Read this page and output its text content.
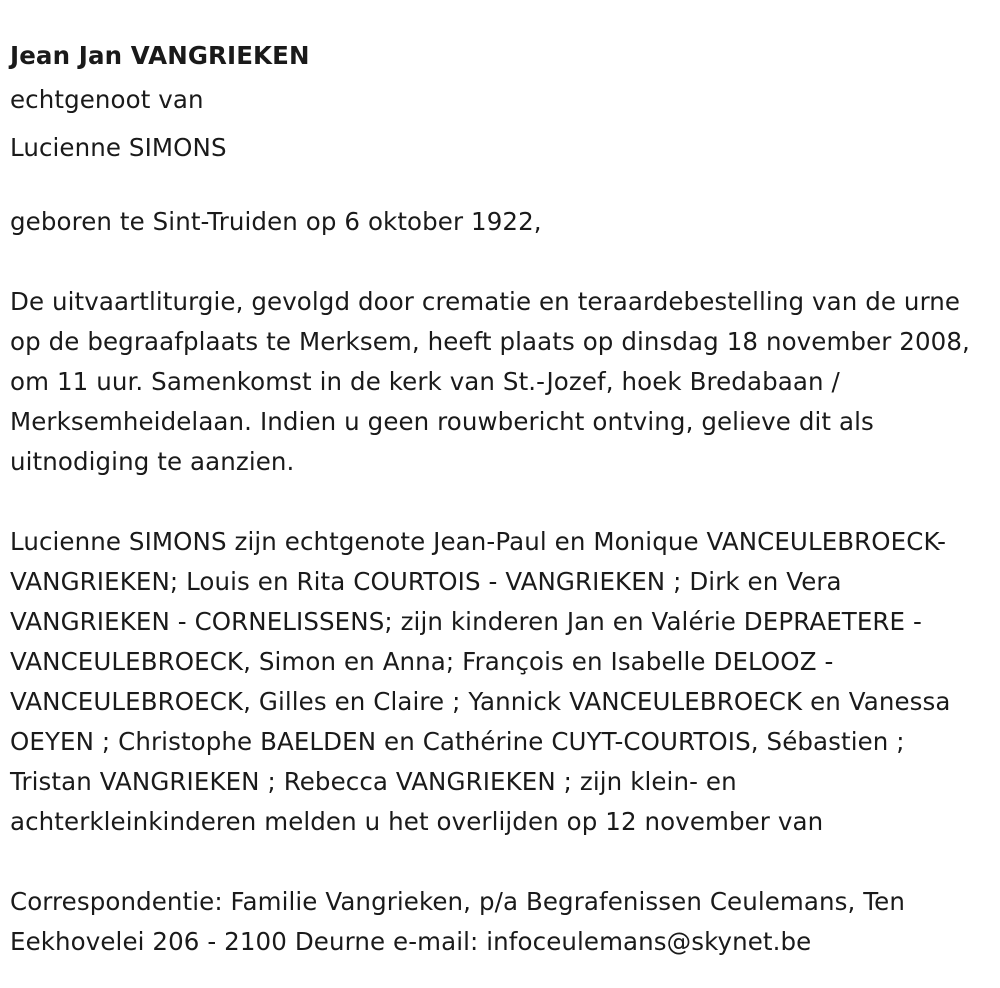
Jean Jan VANGRIEKEN

echtgenoot van

Lucienne SIMONS

geboren te Sint-Truiden op 6 oktober 1922,

De uitvaartliturgie, gevolgd door crematie en teraardebestelling van de urne op de begraafplaats te Merksem, heeft plaats op dinsdag 18 november 2008, om 11 uur. Samenkomst in de kerk van St.-Jozef, hoek Bredabaan / Merksemheidelaan. Indien u geen rouwbericht ontving, gelieve dit als uitnodiging te aanzien.

Lucienne SIMONS zijn echtgenote Jean-Paul en Monique VANCEULEBROECK-VANGRIEKEN; Louis en Rita COURTOIS - VANGRIEKEN ; Dirk en Vera VANGRIEKEN - CORNELISSENS; zijn kinderen Jan en Valérie DEPRAETERE - VANCEULEBROECK, Simon en Anna; François en Isabelle DELOOZ - VANCEULEBROECK, Gilles en Claire ; Yannick VANCEULEBROECK en Vanessa OEYEN ; Christophe BAELDEN en Cathérine CUYT-COURTOIS, Sébastien ; Tristan VANGRIEKEN ; Rebecca VANGRIEKEN ; zijn klein- en achterkleinkinderen melden u het overlijden op 12 november van

Correspondentie: Familie Vangrieken, p/a Begrafenissen Ceulemans, Ten Eekhovelei 206 - 2100 Deurne e-mail: infoceulemans@skynet.be
